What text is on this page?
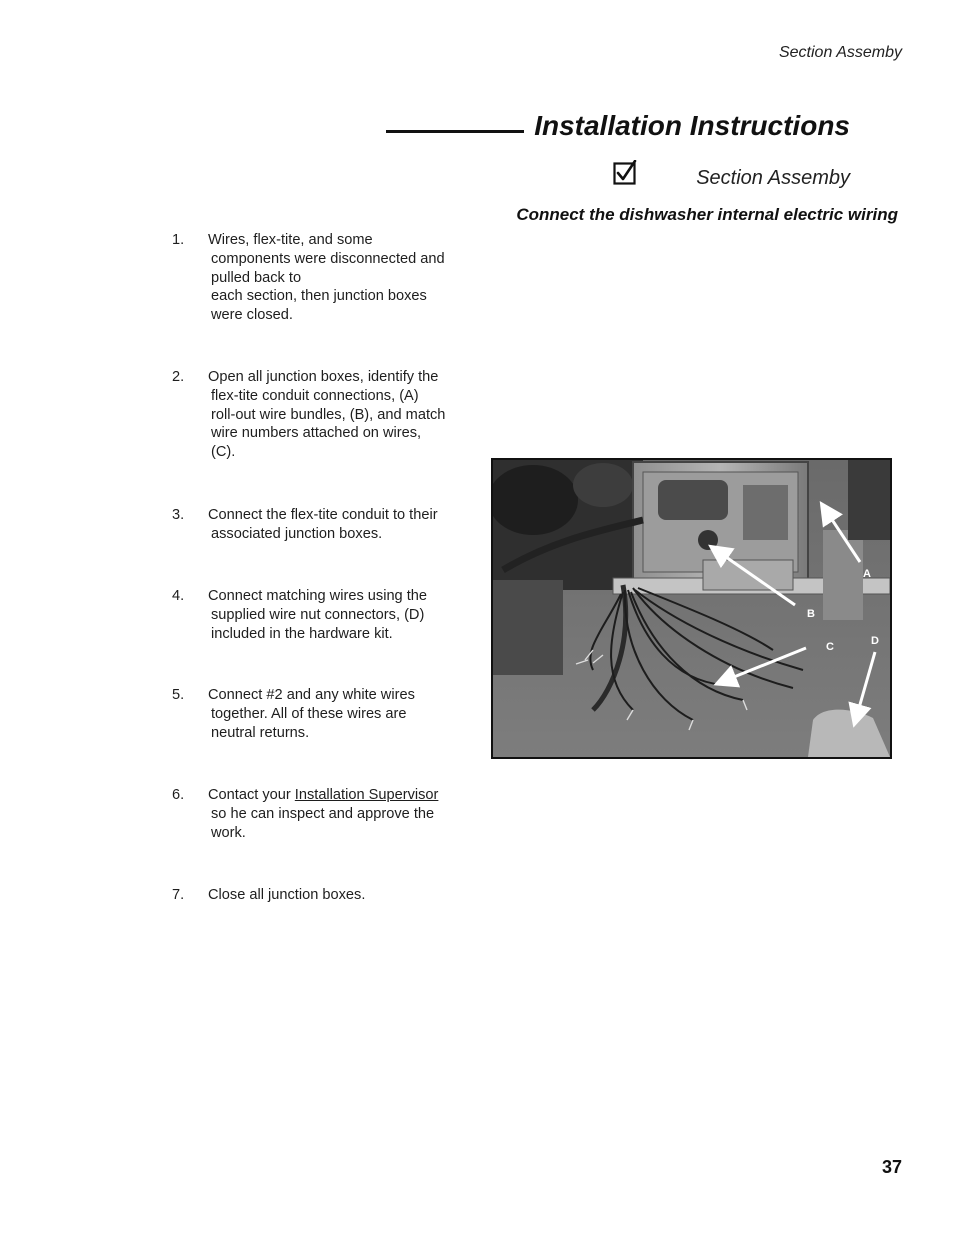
Section Assemby
Installation Instructions
Section Assemby
Connect the dishwasher internal electric wiring
1. Wires, flex-tite, and some
components were disconnected and
pulled back to
each section, then junction boxes
were closed.
2. Open all junction boxes, identify the
flex-tite conduit connections, (A)
roll-out wire bundles, (B), and match
wire numbers attached on wires,
(C).
3. Connect the flex-tite conduit to their
associated junction boxes.
4. Connect matching wires using the
supplied wire nut connectors, (D)
included in the hardware kit.
5. Connect #2 and any white wires
together. All of these wires are
neutral returns.
6. Contact your Installation Supervisor
so he can inspect and approve the
work.
7. Close all junction boxes.
A
B
C	D
37
